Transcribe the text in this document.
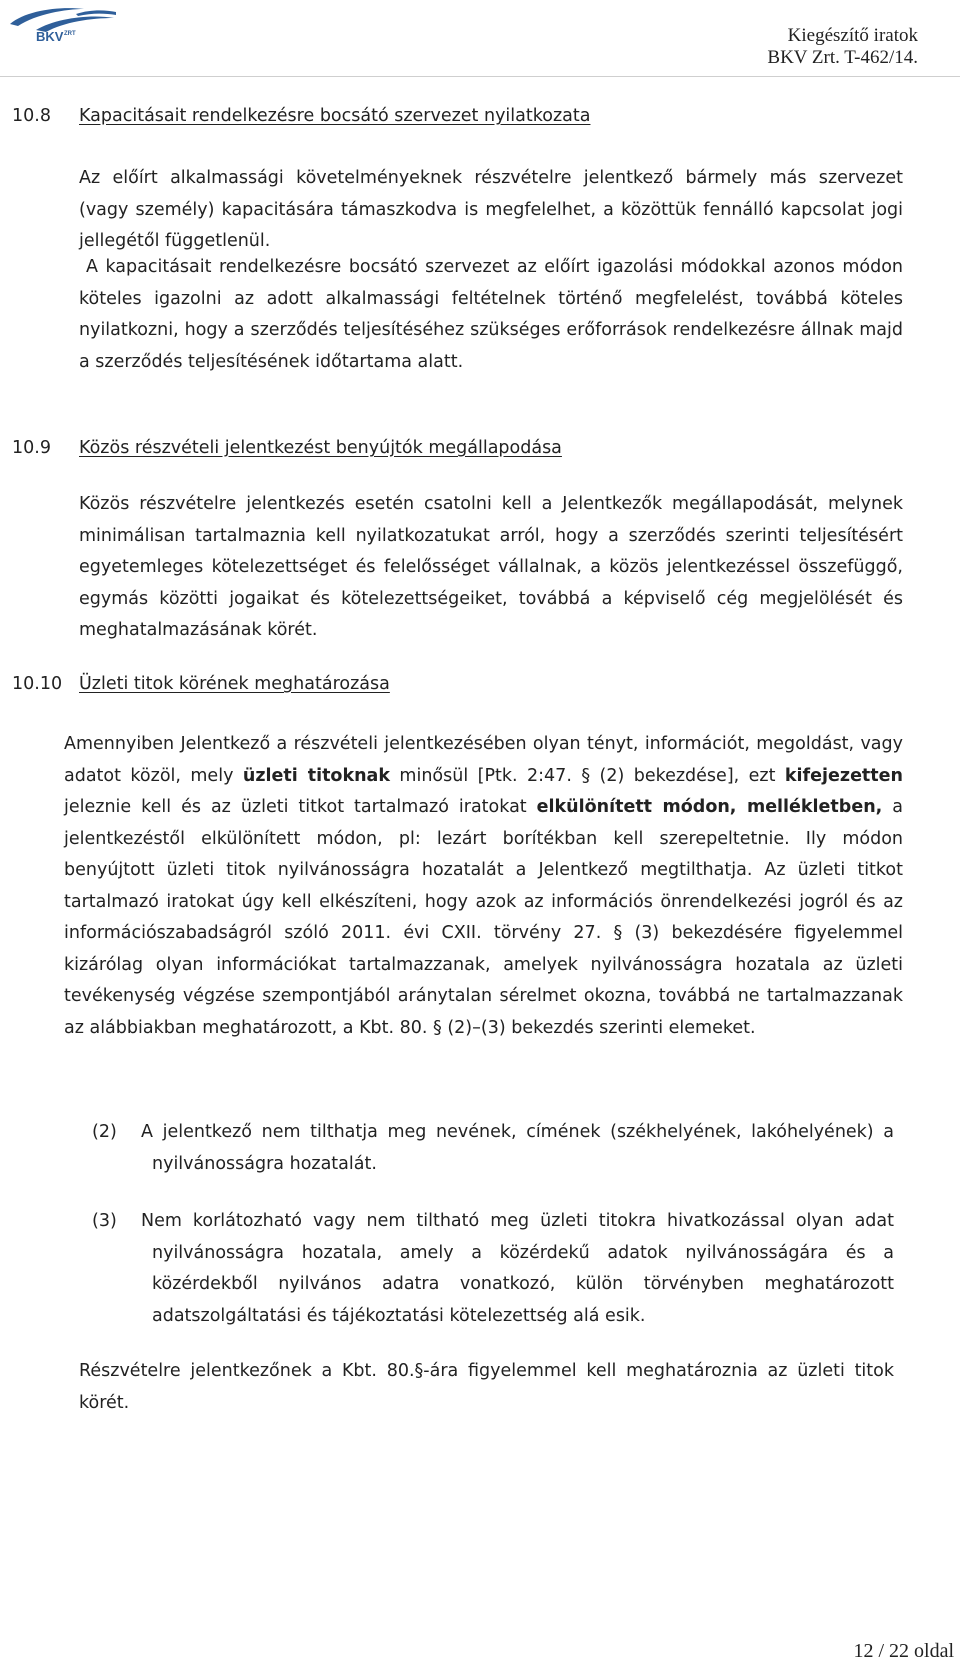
BKV ZRT	Kiegészítő iratok
BKV Zrt. T-462/14.
10.8 Kapacitásait rendelkezésre bocsátó szervezet nyilatkozata

Az előírt alkalmassági követelményeknek részvételre jelentkező bármely más szervezet (vagy személy) kapacitására támaszkodva is megfelelhet, a közöttük fennálló kapcsolat jogi jellegétől függetlenül.

A kapacitásait rendelkezésre bocsátó szervezet az előírt igazolási módokkal azonos módon köteles igazolni az adott alkalmassági feltételnek történő megfelelést, továbbá köteles nyilatkozni, hogy a szerződés teljesítéséhez szükséges erőforrások rendelkezésre állnak majd a szerződés teljesítésének időtartama alatt.

10.9 Közös részvételi jelentkezést benyújtók megállapodása

Közös részvételre jelentkezés esetén csatolni kell a Jelentkezők megállapodását, melynek minimálisan tartalmaznia kell nyilatkozatukat arról, hogy a szerződés szerinti teljesítésért egyetemleges kötelezettséget és felelősséget vállalnak, a közös jelentkezéssel összefüggő, egymás közötti jogaikat és kötelezettségeiket, továbbá a képviselő cég megjelölését és meghatalmazásának körét.

10.10 Üzleti titok körének meghatározása

Amennyiben Jelentkező a részvételi jelentkezésében olyan tényt, információt, megoldást, vagy adatot közöl, mely üzleti titoknak minősül [Ptk. 2:47. § (2) bekezdése], ezt kifejezetten jeleznie kell és az üzleti titkot tartalmazó iratokat elkülönített módon, mellékletben, a jelentkezéstől elkülönített módon, pl: lezárt borítékban kell szerepeltetnie. Ily módon benyújtott üzleti titok nyilvánosságra hozatalát a Jelentkező megtilthatja. Az üzleti titkot tartalmazó iratokat úgy kell elkészíteni, hogy azok az információs önrendelkezési jogról és az információszabadságról szóló 2011. évi CXII. törvény 27. § (3) bekezdésére figyelemmel kizárólag olyan információkat tartalmazzanak, amelyek nyilvánosságra hozatala az üzleti tevékenység végzése szempontjából aránytalan sérelmet okozna, továbbá ne tartalmazzanak az alábbiakban meghatározott, a Kbt. 80. § (2)–(3) bekezdés szerinti elemeket.

(2) A jelentkező nem tilthatja meg nevének, címének (székhelyének, lakóhelyének) a nyilvánosságra hozatalát.
(3) Nem korlátozható vagy nem tiltható meg üzleti titokra hivatkozással olyan adat nyilvánosságra hozatala, amely a közérdekű adatok nyilvánosságára és a közérdekből nyilvános adatra vonatkozó, külön törvényben meghatározott adatszolgáltatási és tájékoztatási kötelezettség alá esik.

Részvételre jelentkezőnek a Kbt. 80.§-ára figyelemmel kell meghatároznia az üzleti titok körét.

12 / 22 oldal
